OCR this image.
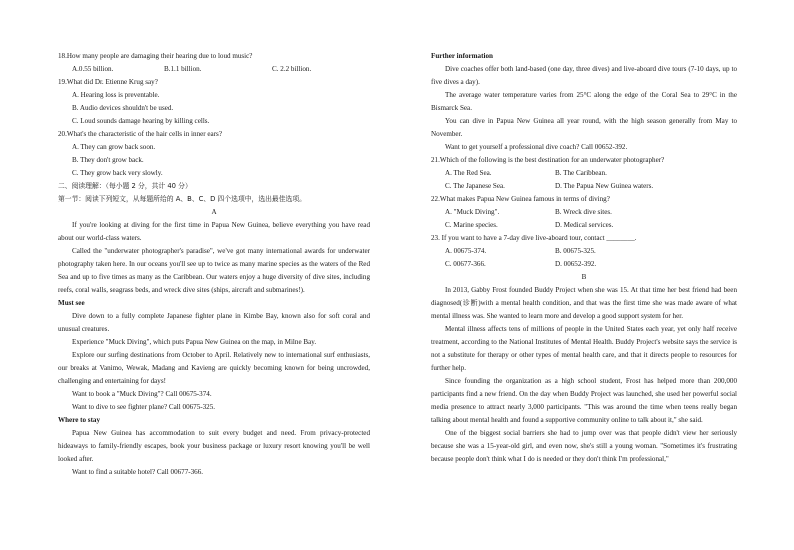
18.How many people are damaging their hearing due to loud music?
A.0.55 billion.	B.1.1 billion.	C. 2.2 billion.
19.What did Dr. Etienne Krug say?
A. Hearing loss is preventable.
B. Audio devices shouldn't be used.
C. Loud sounds damage hearing by killing cells.
20.What's the characteristic of the hair cells in inner ears?
A. They can grow back soon.
B. They don't grow back.
C. They grow back very slowly.
二、阅读理解：（每小题 2 分，共计 40 分）
第一节：阅读下列短文，从每题所给的 A、B、C、D 四个选项中，选出最佳选项。
A
If you're looking at diving for the first time in Papua New Guinea, believe everything you have read about our world-class waters.
Called the "underwater photographer's paradise", we've got many international awards for underwater photography taken here. In our oceans you'll see up to twice as many marine species as the waters of the Red Sea and up to five times as many as the Caribbean. Our waters enjoy a huge diversity of dive sites, including reefs, coral walls, seagrass beds, and wreck dive sites (ships, aircraft and submarines!).
Must see
Dive down to a fully complete Japanese fighter plane in Kimbe Bay, known also for soft coral and unusual creatures.
Experience "Muck Diving", which puts Papua New Guinea on the map, in Milne Bay.
Explore our surfing destinations from October to April. Relatively new to international surf enthusiasts, our breaks at Vanimo, Wewak, Madang and Kavieng are quickly becoming known for being uncrowded, challenging and entertaining for days!
Want to book a "Muck Diving"? Call 00675-374.
Want to dive to see fighter plane? Call 00675-325.
Where to stay
Papua New Guinea has accommodation to suit every budget and need. From privacy-protected hideaways to family-friendly escapes, book your business package or luxury resort knowing you'll be well looked after.
Want to find a suitable hotel? Call 00677-366.
Further information
Dive coaches offer both land-based (one day, three dives) and live-aboard dive tours (7-10 days, up to five dives a day).
The average water temperature varies from 25°C along the edge of the Coral Sea to 29°C in the Bismarck Sea.
You can dive in Papua New Guinea all year round, with the high season generally from May to November.
Want to get yourself a professional dive coach? Call 00652-392.
21.Which of the following is the best destination for an underwater photographer?
A. The Red Sea.	B. The Caribbean.
C. The Japanese Sea.	D. The Papua New Guinea waters.
22.What makes Papua New Guinea famous in terms of diving?
A. "Muck Diving".	B. Wreck dive sites.
C. Marine species.	D. Medical services.
23. If you want to have a 7-day dive live-aboard tour, contact ________.
A. 00675-374.	B. 00675-325.
C. 00677-366.	D. 00652-392.
B
In 2013, Gabby Frost founded Buddy Project when she was 15. At that time her best friend had been diagnosed(诊断)with a mental health condition, and that was the first time she was made aware of what mental illness was. She wanted to learn more and develop a good support system for her.
Mental illness affects tens of millions of people in the United States each year, yet only half receive treatment, according to the National Institutes of Mental Health. Buddy Project's website says the service is not a substitute for therapy or other types of mental health care, and that it directs people to resources for further help.
Since founding the organization as a high school student, Frost has helped more than 200,000 participants find a new friend. On the day when Buddy Project was launched, she used her powerful social media presence to attract nearly 3,000 participants. "This was around the time when teens really began talking about mental health and found a supportive community online to talk about it," she said.
One of the biggest social barriers she had to jump over was that people didn't view her seriously because she was a 15-year-old girl, and even now, she's still a young woman. "Sometimes it's frustrating because people don't think what I do is needed or they don't think I'm professional,"
